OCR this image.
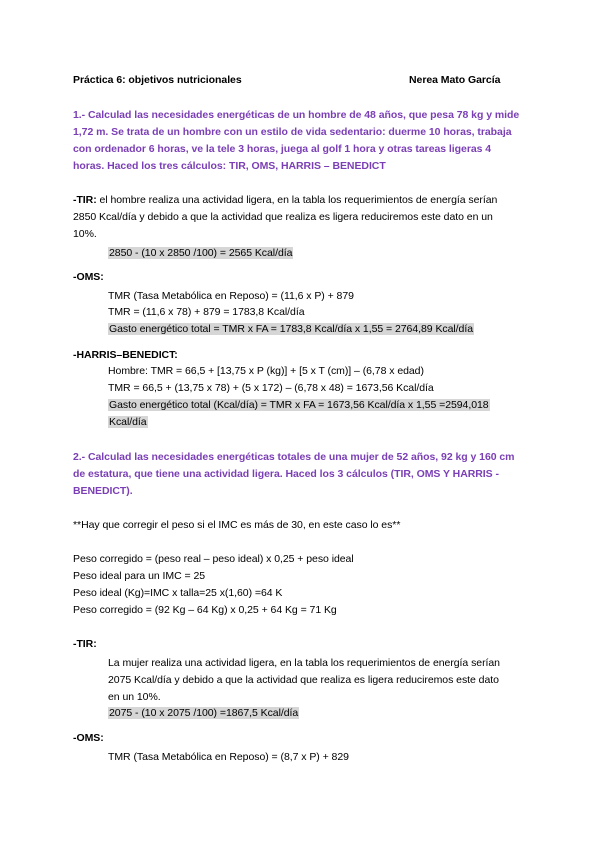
Práctica 6: objetivos nutricionales	Nerea Mato García
1.- Calculad las necesidades energéticas de un hombre de 48 años, que pesa 78 kg y mide
1,72 m. Se trata de un hombre con un estilo de vida sedentario: duerme 10 horas, trabaja
con ordenador 6 horas, ve la tele 3 horas, juega al golf 1 hora y otras tareas ligeras 4
horas. Haced los tres cálculos: TIR, OMS, HARRIS – BENEDICT
-TIR: el hombre realiza una actividad ligera, en la tabla los requerimientos de energía serían
2850 Kcal/día y debido a que la actividad que realiza es ligera reduciremos este dato en un
10%.
2850 - (10 x 2850 /100) = 2565 Kcal/día
-OMS:
TMR (Tasa Metabólica en Reposo) = (11,6 x P) + 879
TMR = (11,6 x 78) + 879 = 1783,8 Kcal/día
Gasto energético total = TMR x FA = 1783,8 Kcal/día x 1,55 = 2764,89 Kcal/día
-HARRIS–BENEDICT:
Hombre: TMR = 66,5 + [13,75 x P (kg)] + [5 x T (cm)] – (6,78 x edad)
TMR = 66,5 + (13,75 x 78) + (5 x 172) – (6,78 x 48) = 1673,56 Kcal/día
Gasto energético total (Kcal/día) = TMR x FA = 1673,56 Kcal/día x 1,55 =2594,018
Kcal/día
2.- Calculad las necesidades energéticas totales de una mujer de 52 años, 92 kg y 160 cm
de estatura, que tiene una actividad ligera. Haced los 3 cálculos (TIR, OMS Y HARRIS -
BENEDICT).
**Hay que corregir el peso si el IMC es más de 30, en este caso lo es**
Peso corregido = (peso real – peso ideal) x 0,25 + peso ideal
Peso ideal para un IMC = 25
Peso ideal (Kg)=IMC x talla=25 x(1,60) =64 K
Peso corregido = (92 Kg – 64 Kg) x 0,25 + 64 Kg = 71 Kg
-TIR:
La mujer realiza una actividad ligera, en la tabla los requerimientos de energía serían
2075 Kcal/día y debido a que la actividad que realiza es ligera reduciremos este dato
en un 10%.
2075 - (10 x 2075 /100) =1867,5 Kcal/día
-OMS:
TMR (Tasa Metabólica en Reposo) = (8,7 x P) + 829
